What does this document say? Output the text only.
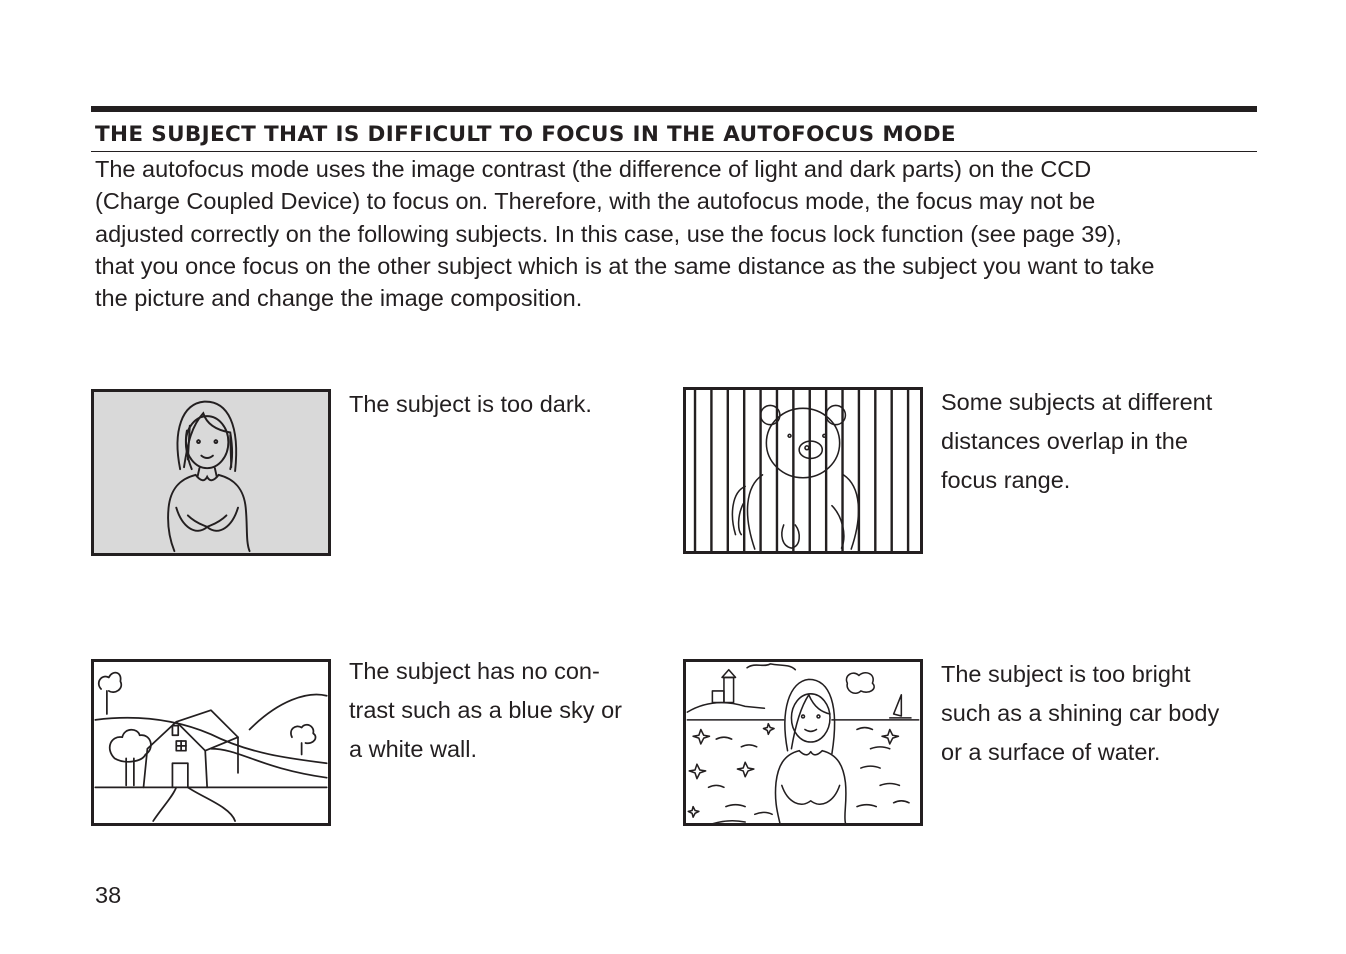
THE SUBJECT THAT IS DIFFICULT TO FOCUS IN THE AUTOFOCUS MODE

The autofocus mode uses the image contrast (the difference of light and dark parts) on the CCD

(Charge Coupled Device) to focus on. Therefore, with the autofocus mode, the focus may not be

adjusted correctly on the following subjects. In this case, use the focus lock function (see page 39),

that you once focus on the other subject which is at the same distance as the subject you want to take

the picture and change the image composition.

The subject is too dark.	Some subjects at different

distances overlap in the

focus range.

The subject has no con-

trast such as a blue sky or

a white wall.

The subject is too bright

such as a shining car body

or a surface of water.

38
